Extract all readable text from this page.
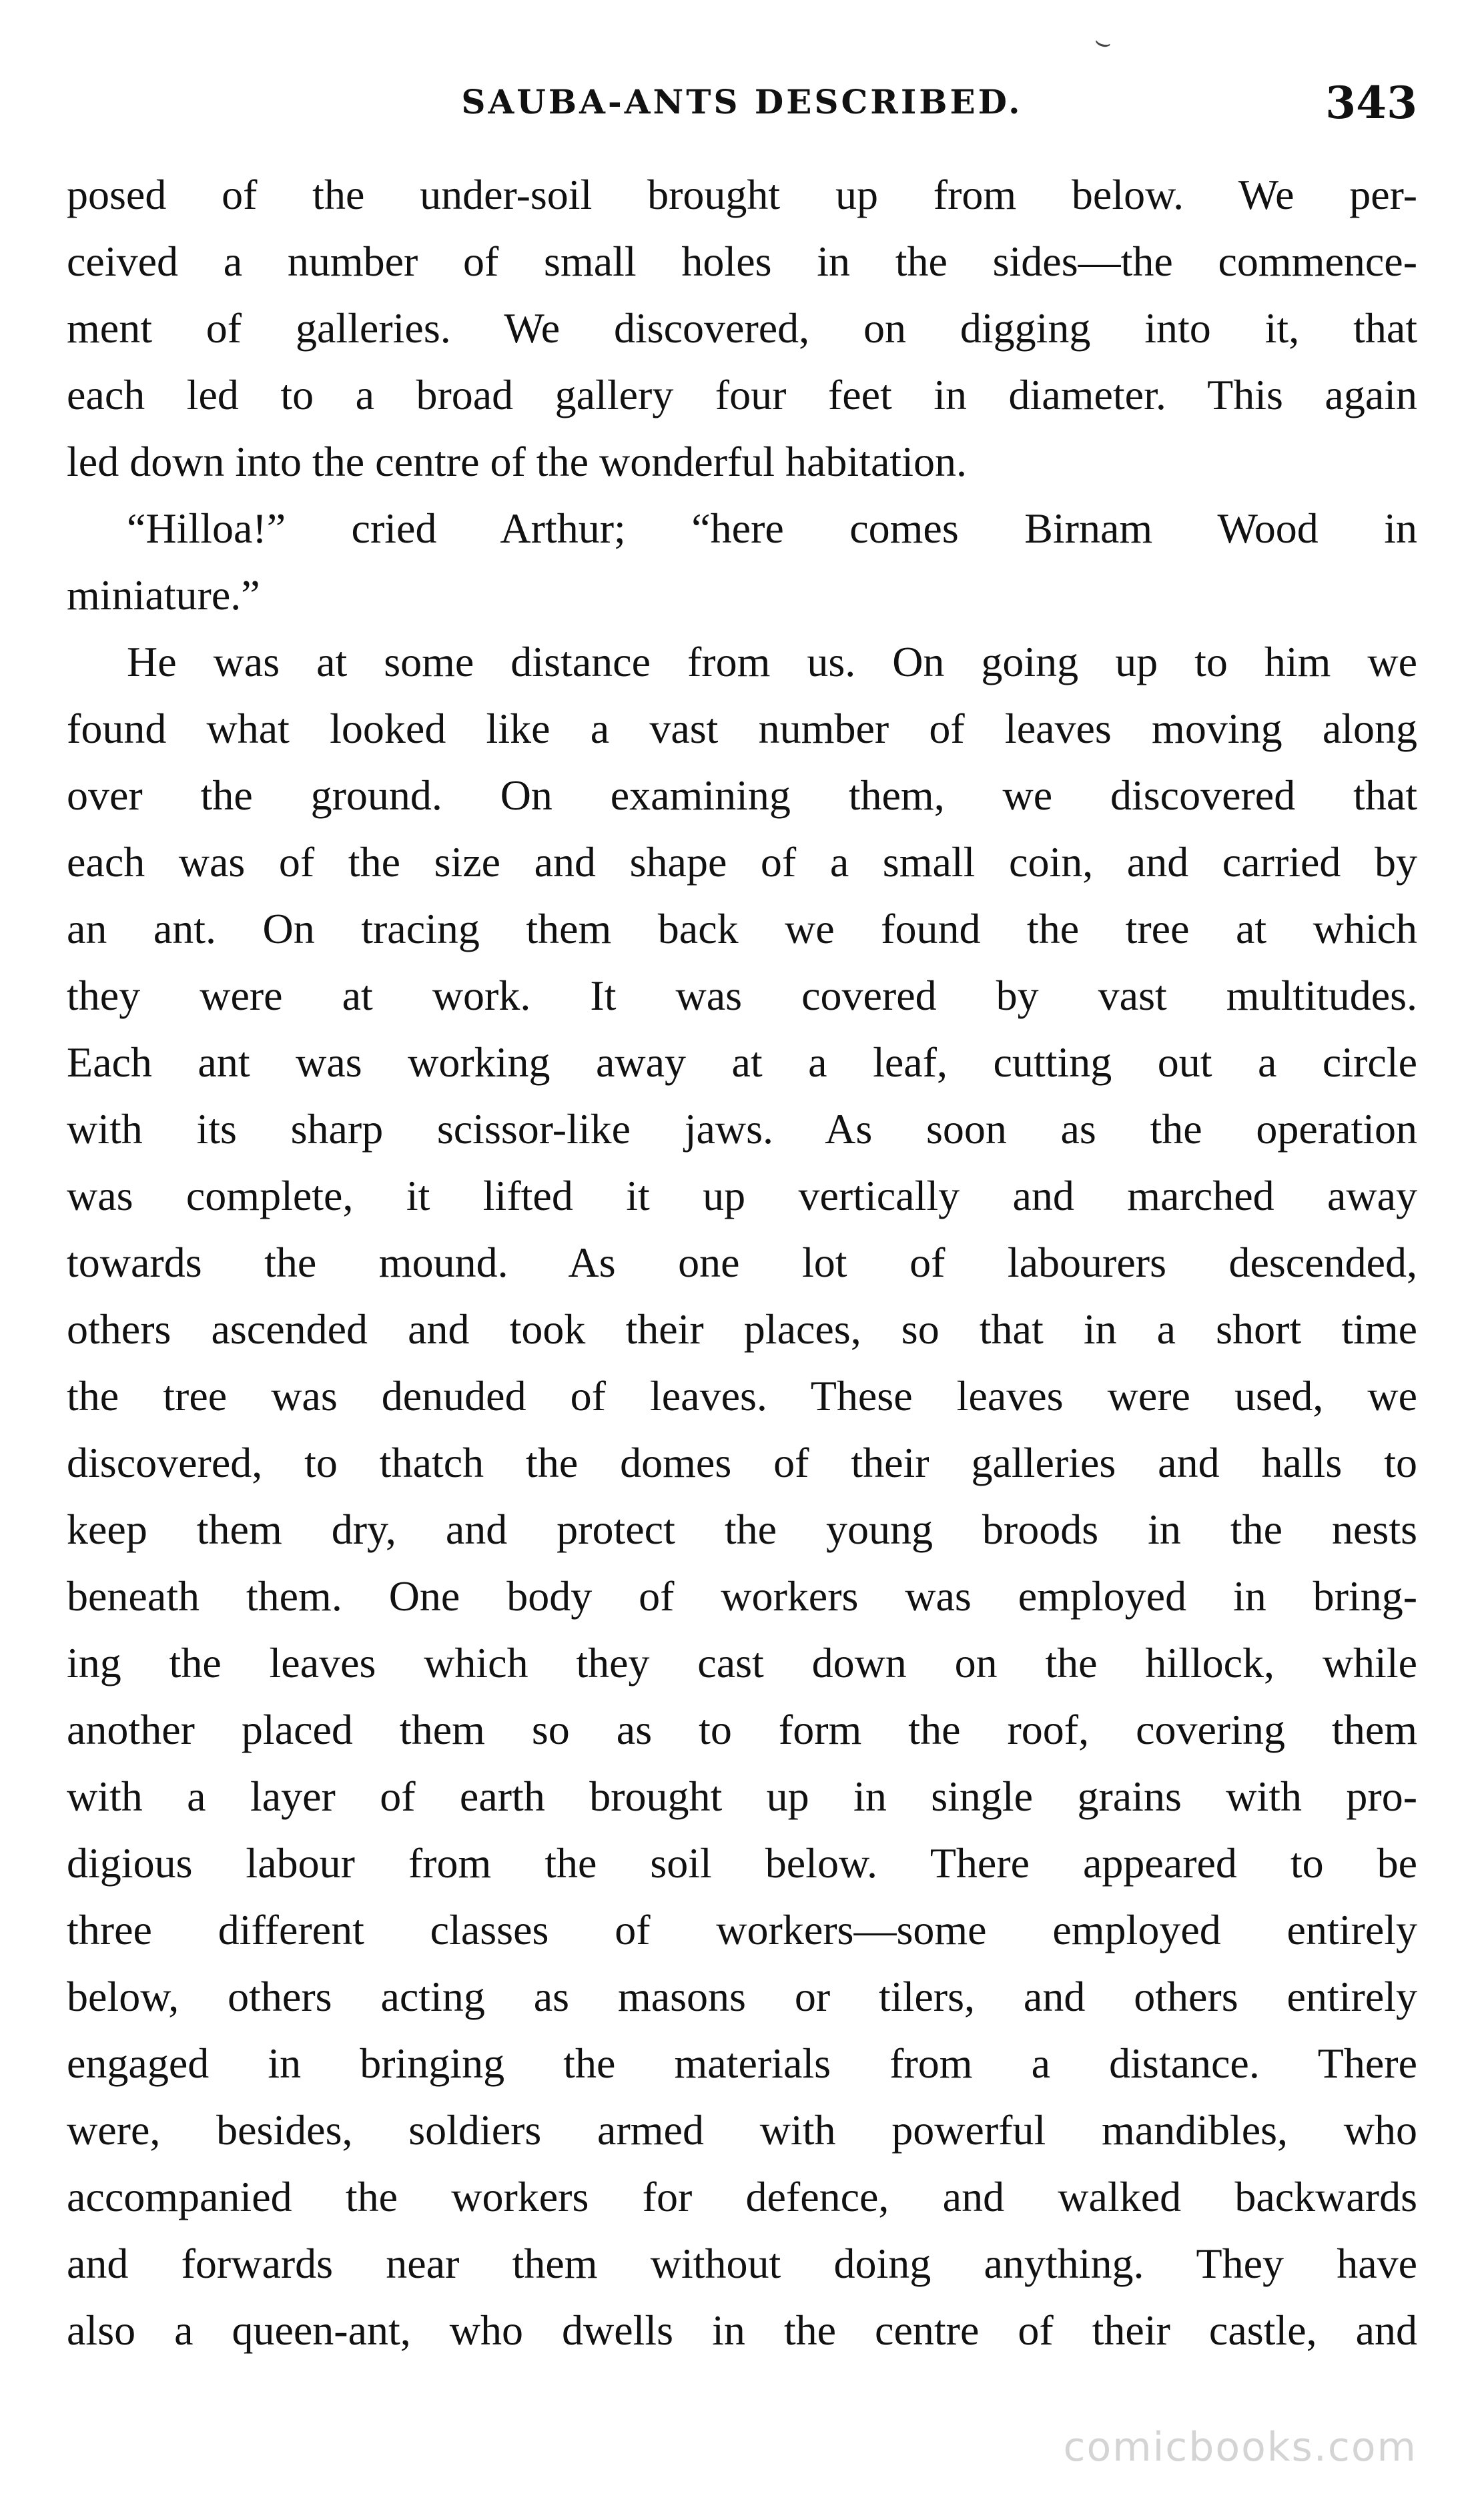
⌣
SAUBA-ANTS DESCRIBED.	343
posed of the under-soil brought up from below. We per-
ceived a number of small holes in the sides—the commence-
ment of galleries. We discovered, on digging into it, that
each led to a broad gallery four feet in diameter. This again
led down into the centre of the wonderful habitation.
“Hilloa!” cried Arthur; “here comes Birnam Wood in
miniature.”
He was at some distance from us. On going up to him we
found what looked like a vast number of leaves moving along
over the ground. On examining them, we discovered that
each was of the size and shape of a small coin, and carried by
an ant. On tracing them back we found the tree at which
they were at work. It was covered by vast multitudes.
Each ant was working away at a leaf, cutting out a circle
with its sharp scissor-like jaws. As soon as the operation
was complete, it lifted it up vertically and marched away
towards the mound. As one lot of labourers descended,
others ascended and took their places, so that in a short time
the tree was denuded of leaves. These leaves were used, we
discovered, to thatch the domes of their galleries and halls to
keep them dry, and protect the young broods in the nests
beneath them. One body of workers was employed in bring-
ing the leaves which they cast down on the hillock, while
another placed them so as to form the roof, covering them
with a layer of earth brought up in single grains with pro-
digious labour from the soil below. There appeared to be
three different classes of workers—some employed entirely
below, others acting as masons or tilers, and others entirely
engaged in bringing the materials from a distance. There
were, besides, soldiers armed with powerful mandibles, who
accompanied the workers for defence, and walked backwards
and forwards near them without doing anything. They have
also a queen-ant, who dwells in the centre of their castle, and
comicbooks.com
